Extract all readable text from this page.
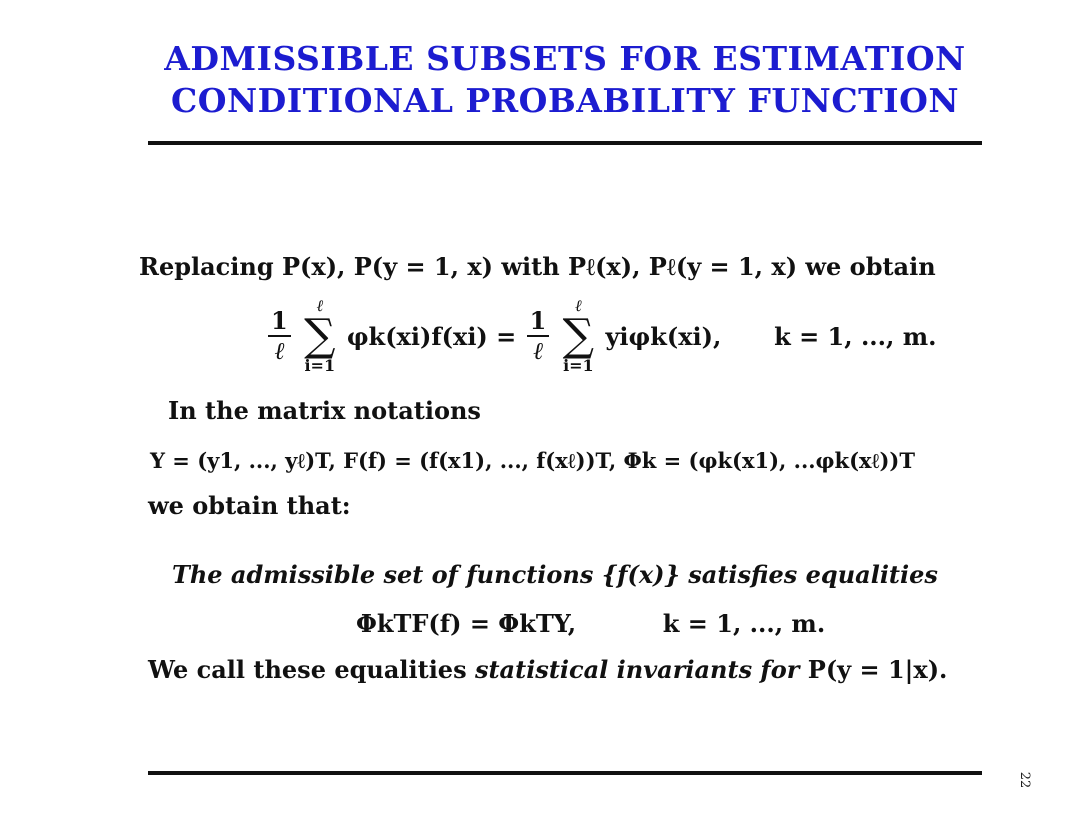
ADMISSIBLE SUBSETS FOR ESTIMATION
CONDITIONAL PROBABILITY FUNCTION
Replacing P(x), P(y = 1, x) with Pℓ(x), Pℓ(y = 1, x) we obtain
$\frac{1}{\text{ℓ}}$

ℓ
∑
i=1
$\varphi k(xi)f(xi) = \frac{1}{\text{ℓ}}$

ℓ
∑
i=1
yiφk(xi), k = 1, ..., m.
In the matrix notations
Y = (y1, ..., yℓ)T, F(f) = (f(x1), ..., f(xℓ))T, Φk = (φk(x1), ...φk(xℓ))T
we obtain that:
The admissible set of functions {f(x)} satisfies equalities
ΦkTF(f) = ΦkTY,	k = 1, ..., m.
We call these equalities statistical invariants for P(y = 1|x).
22
